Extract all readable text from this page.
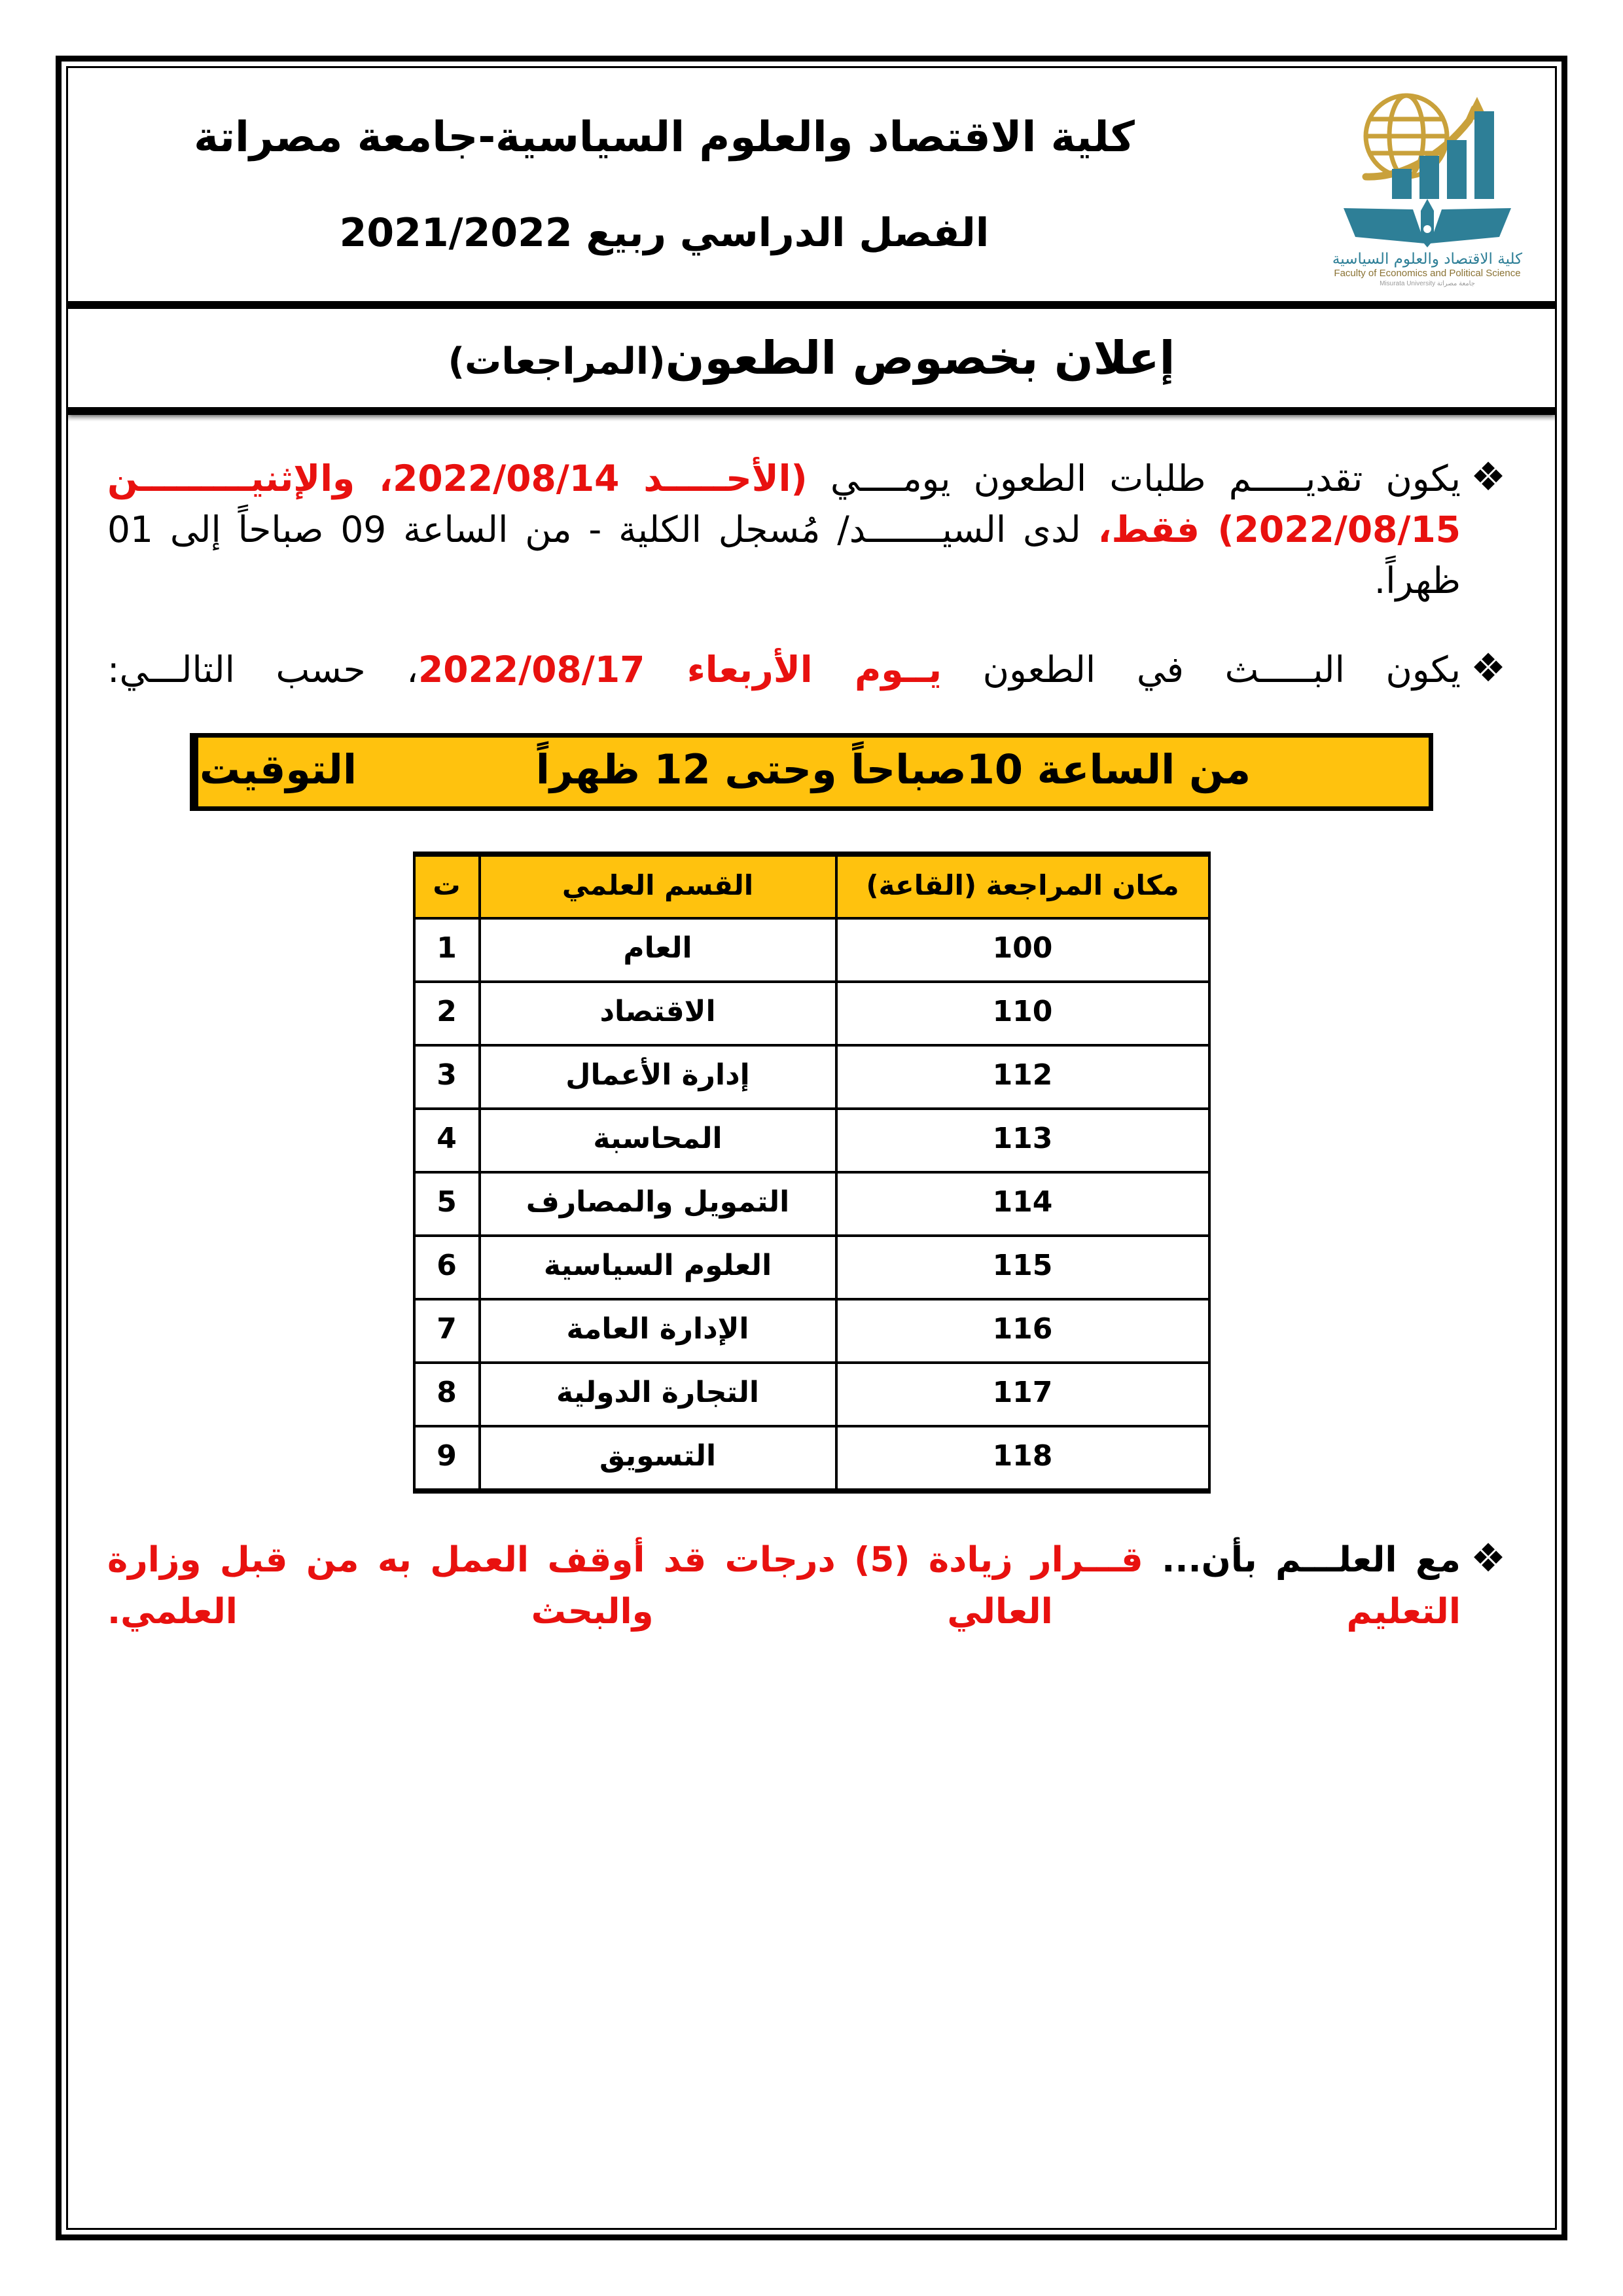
كلية الاقتصاد والعلوم السياسية
Faculty of Economics and Political Science
جامعة مصراتة Misurata University
كلية الاقتصاد والعلوم السياسية-جامعة مصراتة
الفصل الدراسي ربيع 2021/2022
إعلان بخصوص الطعون(المراجعات)
❖
يكون تقديـــــم طلبات الطعون يومــــي (الأحـــــد 2022/08/14، والإثنيـــــــــن 2022/08/15) فقط، لدى السيـــــــد/ مُسجل الكلية - من الساعة 09 صباحاً إلى 01 ظهراً.
❖
يكون البـــــث في الطعون يــوم الأربعاء 2022/08/17، حسب التالـــي:
من الساعة 10صباحاً وحتى 12 ظهراً
التوقيت
مكان المراجعة (القاعة)	القسم العلمي	ت
100	العام	1
110	الاقتصاد	2
112	إدارة الأعمال	3
113	المحاسبة	4
114	التمويل والمصارف	5
115	العلوم السياسية	6
116	الإدارة العامة	7
117	التجارة الدولية	8
118	التسويق	9
❖
مع العلـــم بأن... قـــرار زيادة (5) درجات قد أوقف العمل به من قبل وزارة التعليم العالي والبحث العلمي.
